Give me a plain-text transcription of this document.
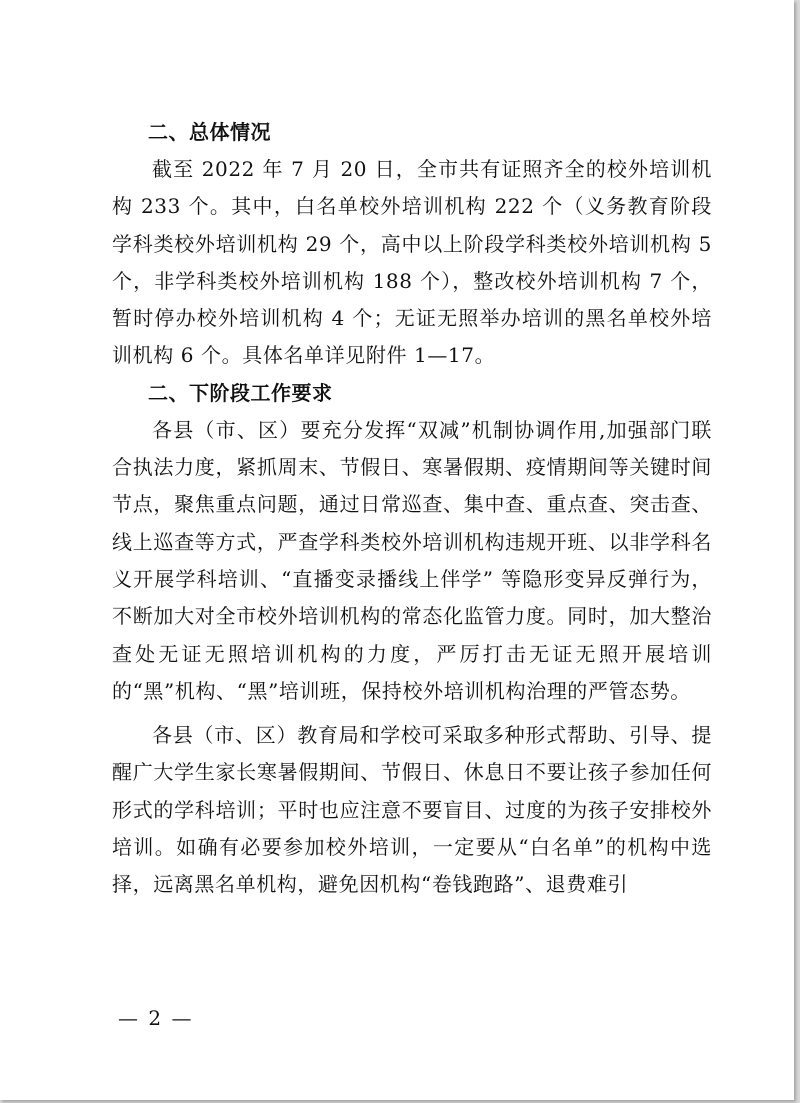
二、总体情况

截至 2022 年 7 月 20 日，全市共有证照齐全的校外培训机构 233 个。其中，白名单校外培训机构 222 个（义务教育阶段学科类校外培训机构 29 个，高中以上阶段学科类校外培训机构 5 个，非学科类校外培训机构 188 个），整改校外培训机构 7 个，暂时停办校外培训机构 4 个；无证无照举办培训的黑名单校外培训机构 6 个。具体名单详见附件 1—17。

二、下阶段工作要求

各县（市、区）要充分发挥“双减”机制协调作用,加强部门联合执法力度，紧抓周末、节假日、寒暑假期、疫情期间等关键时间节点，聚焦重点问题，通过日常巡查、集中查、重点查、突击查、线上巡查等方式，严查学科类校外培训机构违规开班、以非学科名义开展学科培训、“直播变录播线上伴学” 等隐形变异反弹行为，不断加大对全市校外培训机构的常态化监管力度。同时，加大整治查处无证无照培训机构的力度，严厉打击无证无照开展培训的“黑”机构、“黑”培训班，保持校外培训机构治理的严管态势。

各县（市、区）教育局和学校可采取多种形式帮助、引导、提醒广大学生家长寒暑假期间、节假日、休息日不要让孩子参加任何形式的学科培训；平时也应注意不要盲目、过度的为孩子安排校外培训。如确有必要参加校外培训，一定要从“白名单”的机构中选择，远离黑名单机构，避免因机构“卷钱跑路”、退费难引

— 2 —
